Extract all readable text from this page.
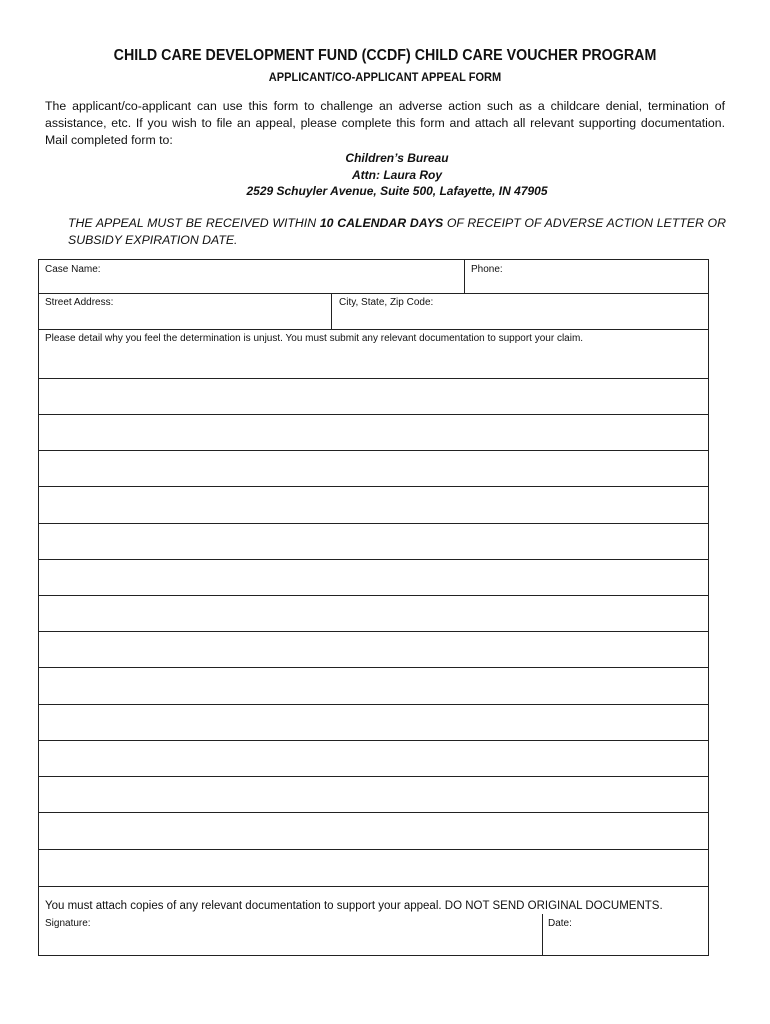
CHILD CARE DEVELOPMENT FUND (CCDF) CHILD CARE VOUCHER PROGRAM
APPLICANT/CO-APPLICANT APPEAL FORM
The applicant/co-applicant can use this form to challenge an adverse action such as a childcare denial, termination of assistance, etc. If you wish to file an appeal, please complete this form and attach all relevant supporting documentation. Mail completed form to:
Children’s Bureau
Attn: Laura Roy
2529 Schuyler Avenue, Suite 500, Lafayette, IN 47905
THE APPEAL MUST BE RECEIVED WITHIN 10 CALENDAR DAYS OF RECEIPT OF ADVERSE ACTION LETTER OR SUBSIDY EXPIRATION DATE.
Case Name:	Phone:
Street Address:	City, State, Zip Code:
Please detail why you feel the determination is unjust. You must submit any relevant documentation to support your claim.
You must attach copies of any relevant documentation to support your appeal. DO NOT SEND ORIGINAL DOCUMENTS.
Signature:	Date:
